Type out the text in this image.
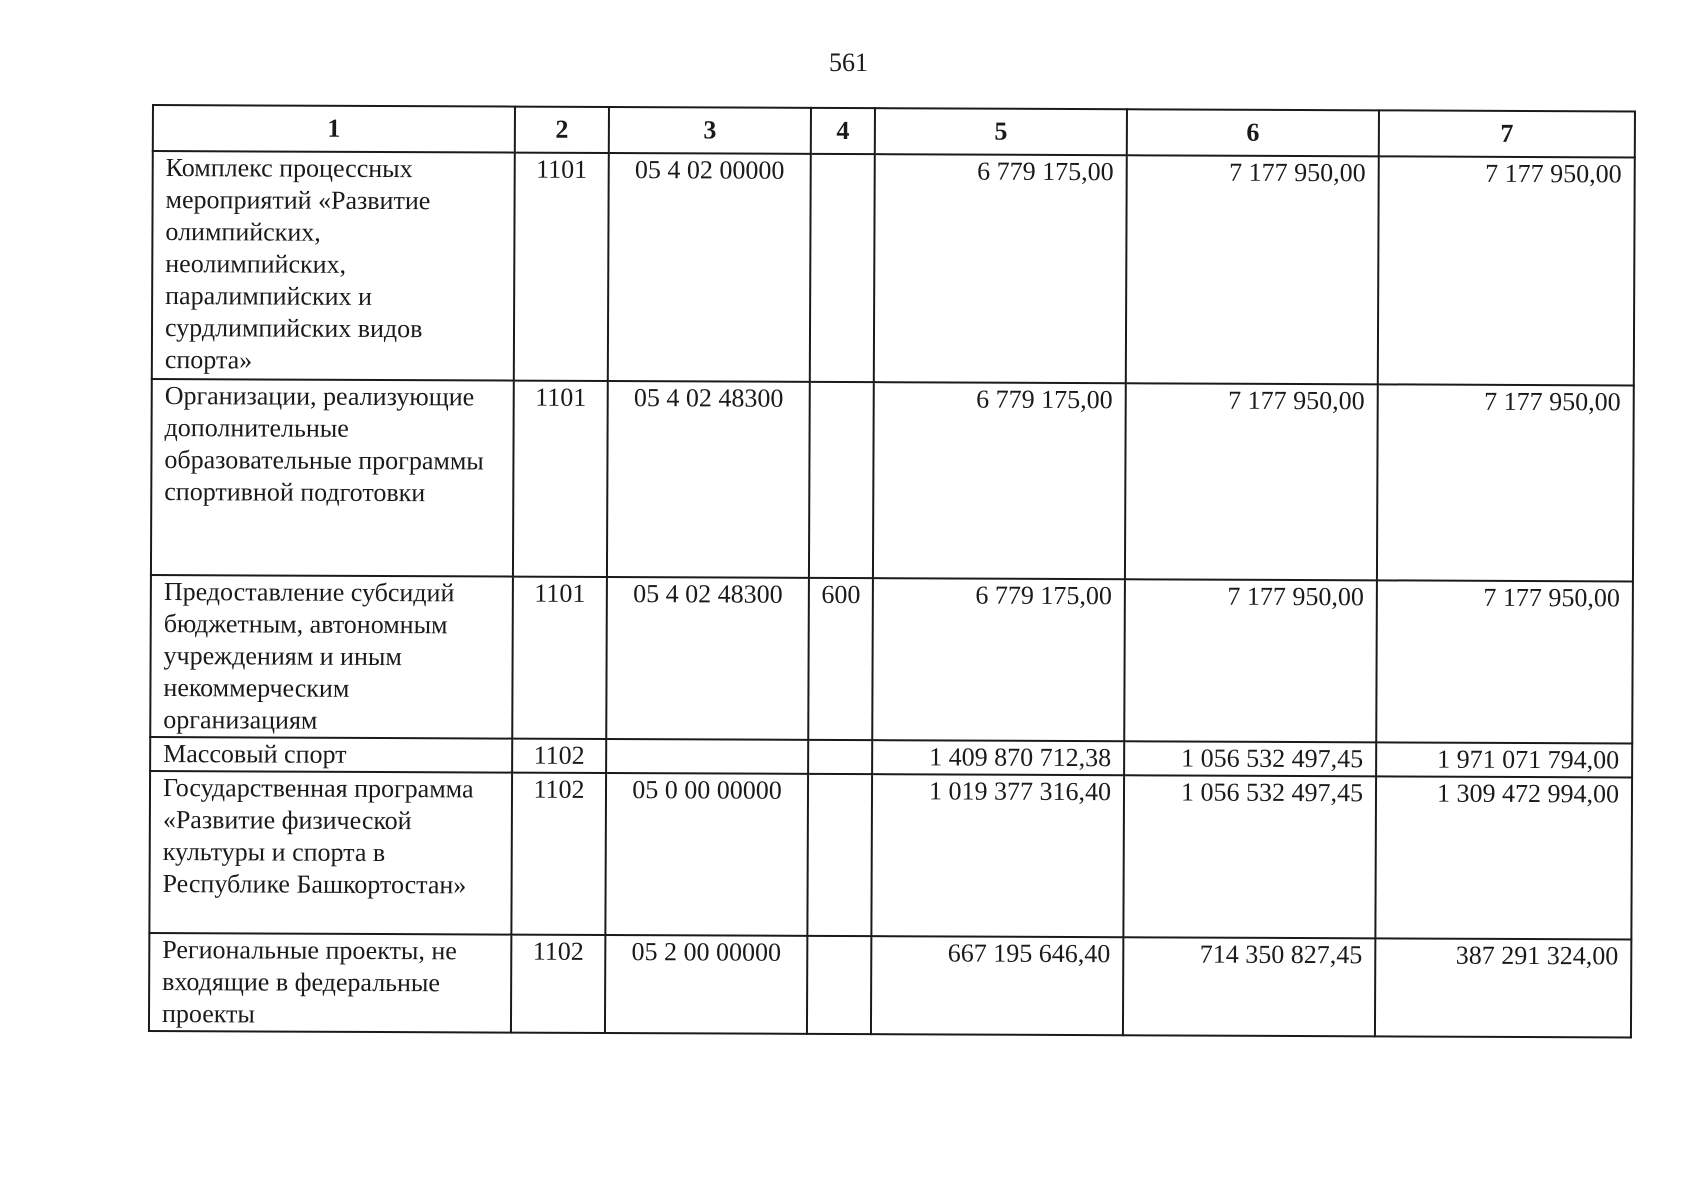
561
1	2	3	4	5	6	7
Комплекс процессных мероприятий «Развитие олимпийских, неолимпийских, паралимпийских и сурдлимпийских видов спорта»	1101	05 4 02 00000		6 779 175,00	7 177 950,00	7 177 950,00
Организации, реализующие дополнительные образовательные программы спортивной подготовки	1101	05 4 02 48300		6 779 175,00	7 177 950,00	7 177 950,00
Предоставление субсидий бюджетным, автономным учреждениям и иным некоммерческим организациям	1101	05 4 02 48300	600	6 779 175,00	7 177 950,00	7 177 950,00
Массовый спорт	1102			1 409 870 712,38	1 056 532 497,45	1 971 071 794,00
Государственная программа «Развитие физической культуры и спорта в Республике Башкортостан»	1102	05 0 00 00000		1 019 377 316,40	1 056 532 497,45	1 309 472 994,00
Региональные проекты, не входящие в федеральные проекты	1102	05 2 00 00000		667 195 646,40	714 350 827,45	387 291 324,00
